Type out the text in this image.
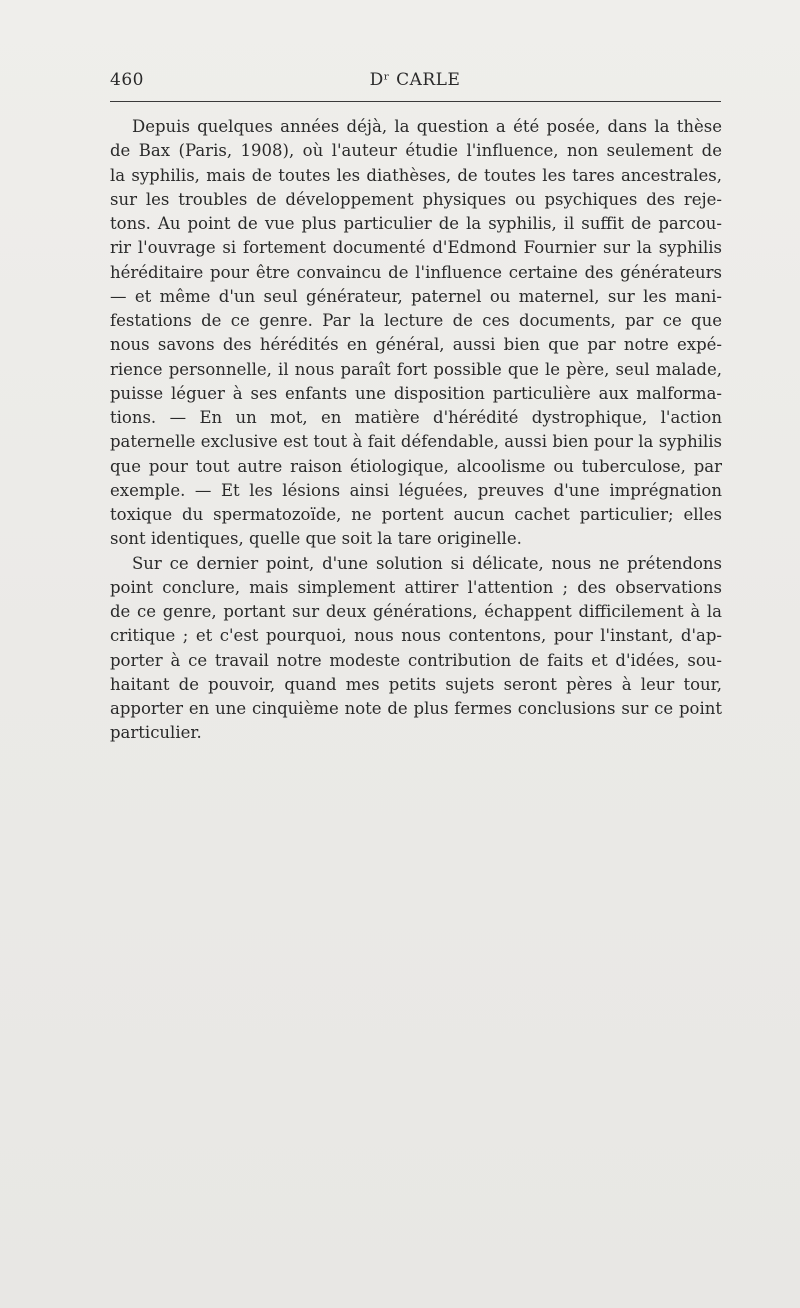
460	Dʳ CARLE
Depuis quelques années déjà, la question a été posée, dans la thèse
de Bax (Paris, 1908), où l'auteur étudie l'influence, non seulement de
la syphilis, mais de toutes les diathèses, de toutes les tares ancestrales,
sur les troubles de développement physiques ou psychiques des reje-
tons. Au point de vue plus particulier de la syphilis, il suffit de parcou-
rir l'ouvrage si fortement documenté d'Edmond Fournier sur la syphilis
héréditaire pour être convaincu de l'influence certaine des générateurs
— et même d'un seul générateur, paternel ou maternel, sur les mani-
festations de ce genre. Par la lecture de ces documents, par ce que
nous savons des hérédités en général, aussi bien que par notre expé-
rience personnelle, il nous paraît fort possible que le père, seul malade,
puisse léguer à ses enfants une disposition particulière aux malforma-
tions. — En un mot, en matière d'hérédité dystrophique, l'action
paternelle exclusive est tout à fait défendable, aussi bien pour la syphilis
que pour tout autre raison étiologique, alcoolisme ou tuberculose, par
exemple. — Et les lésions ainsi léguées, preuves d'une imprégnation
toxique du spermatozoïde, ne portent aucun cachet particulier; elles
sont identiques, quelle que soit la tare originelle.
Sur ce dernier point, d'une solution si délicate, nous ne prétendons
point conclure, mais simplement attirer l'attention ; des observations
de ce genre, portant sur deux générations, échappent difficilement à la
critique ; et c'est pourquoi, nous nous contentons, pour l'instant, d'ap-
porter à ce travail notre modeste contribution de faits et d'idées, sou-
haitant de pouvoir, quand mes petits sujets seront pères à leur tour,
apporter en une cinquième note de plus fermes conclusions sur ce point
particulier.
